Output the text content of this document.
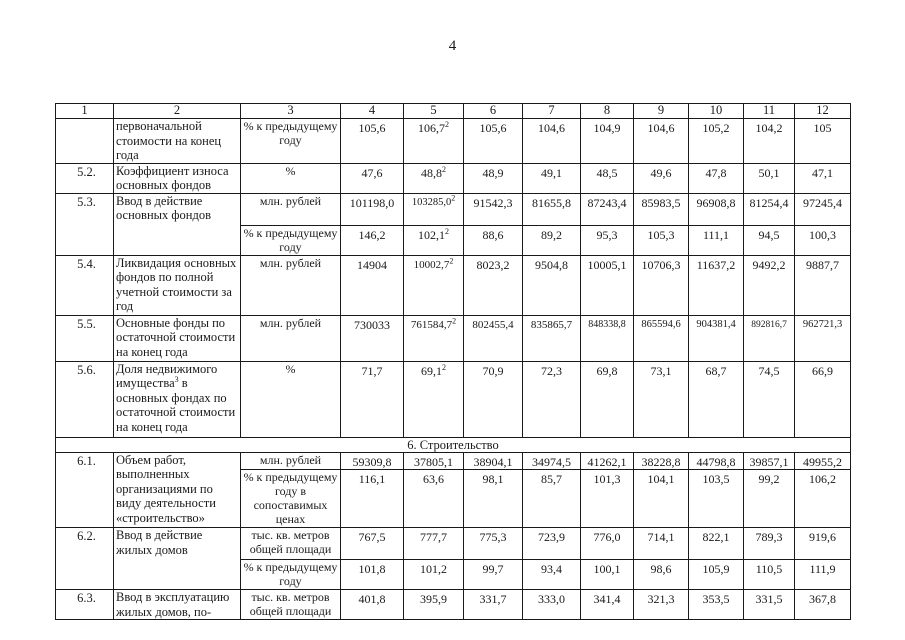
4
1	2	3	4	5	6	7	8	9	10	11	12
	первоначальной стоимости на конец года	% к предыдущему году	105,6	106,7$^2$	105,6	104,6	104,9	104,6	105,2	104,2	105
5.2.	Коэффициент износа основных фондов	%	47,6	48,8$^2$	48,9	49,1	48,5	49,6	47,8	50,1	47,1
5.3.	Ввод в действие основных фондов	млн. рублей	101198,0	103285,0$^2$	91542,3	81655,8	87243,4	85983,5	96908,8	81254,4	97245,4
		% к предыдущему году	146,2	102,1$^2$	88,6	89,2	95,3	105,3	111,1	94,5	100,3
5.4.	Ликвидация основных фондов по полной учетной стоимости за год	млн. рублей	14904	10002,7$^2$	8023,2	9504,8	10005,1	10706,3	11637,2	9492,2	9887,7
5.5.	Основные фонды по остаточной стоимости на конец года	млн. рублей	730033	761584,7$^2$	802455,4	835865,7	848338,8	865594,6	904381,4	892816,7	962721,3
5.6.	Доля недвижимого имущества$^3$ в основных фондах по остаточной стоимости на конец года	%	71,7	69,1$^2$	70,9	72,3	69,8	73,1	68,7	74,5	66,9
6. Строительство											
6.1.	Объем работ, выполненных организациями по виду деятельности «строительство»	млн. рублей	59309,8	37805,1	38904,1	34974,5	41262,1	38228,8	44798,8	39857,1	49955,2
		% к предыдущему году в сопоставимых ценах	116,1	63,6	98,1	85,7	101,3	104,1	103,5	99,2	106,2
6.2.	Ввод в действие жилых домов	тыс. кв. метров общей площади	767,5	777,7	775,3	723,9	776,0	714,1	822,1	789,3	919,6
		% к предыдущему году	101,8	101,2	99,7	93,4	100,1	98,6	105,9	110,5	111,9
6.3.	Ввод в эксплуатацию жилых домов, по-	тыс. кв. метров общей площади	401,8	395,9	331,7	333,0	341,4	321,3	353,5	331,5	367,8
